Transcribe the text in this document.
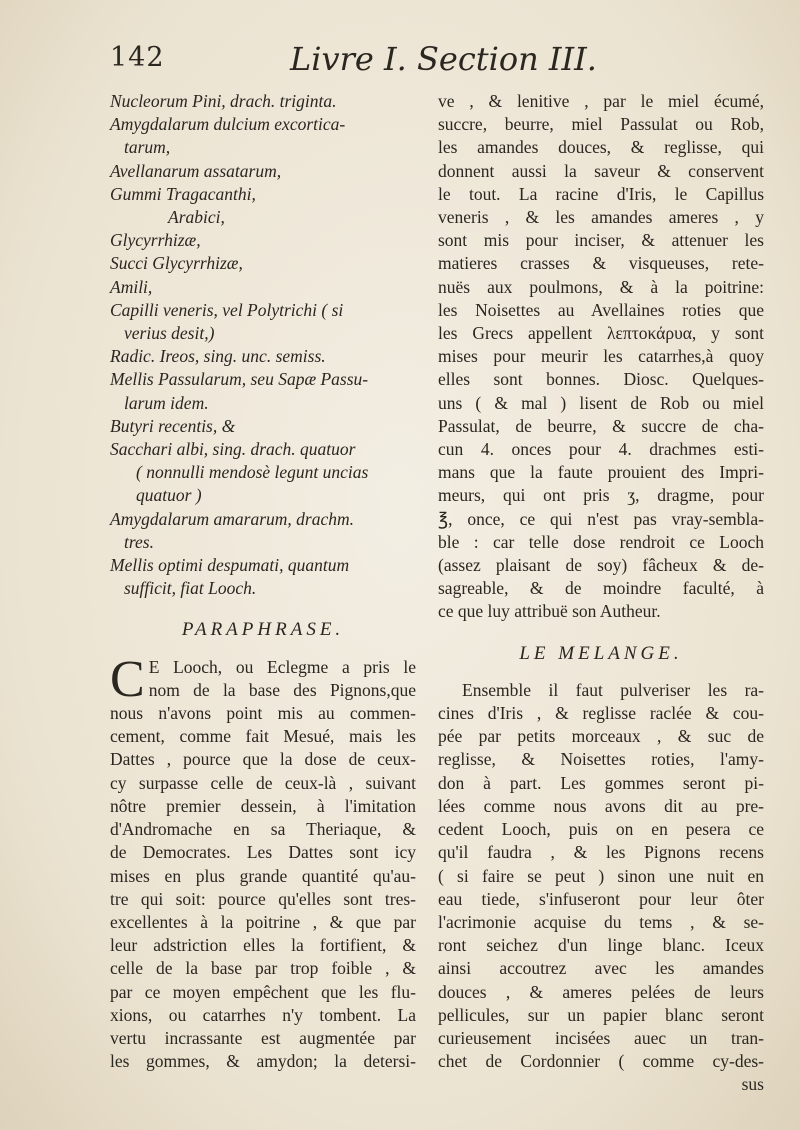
142	Livre I. Section III.
Nucleorum Pini, drach. triginta.
Amygdalarum dulcium excortica-
tarum,
Avellanarum assatarum,
Gummi Tragacanthi,
Arabici,
Glycyrrhizæ,
Succi Glycyrrhizæ,
Amili,
Capilli veneris, vel Polytrichi ( si
verius desit,)
Radic. Ireos, sing. unc. semiss.
Mellis Passularum, seu Sapæ Passu-
larum idem.
Butyri recentis, &
Sacchari albi, sing. drach. quatuor
( nonnulli mendosè legunt uncias
quatuor )
Amygdalarum amararum, drachm.
tres.
Mellis optimi despumati, quantum
sufficit, fiat Looch.
PARAPHRASE.
C E Looch, ou Eclegme a pris le
nom de la base des Pignons,que
nous n'avons point mis au commen-
cement, comme fait Mesué, mais les
Dattes , pource que la dose de ceux-
cy surpasse celle de ceux-là , suivant
nôtre premier dessein, à l'imitation
d'Andromache en sa Theriaque, &
de Democrates. Les Dattes sont icy
mises en plus grande quantité qu'au-
tre qui soit: pource qu'elles sont tres-
excellentes à la poitrine , & que par
leur adstriction elles la fortifient, &
celle de la base par trop foible , &
par ce moyen empêchent que les flu-
xions, ou catarrhes n'y tombent. La
vertu incrassante est augmentée par
les gommes, & amydon; la detersi-
ve , & lenitive , par le miel écumé,
succre, beurre, miel Passulat ou Rob,
les amandes douces, & reglisse, qui
donnent aussi la saveur & conservent
le tout. La racine d'Iris, le Capillus
veneris , & les amandes ameres , y
sont mis pour inciser, & attenuer les
matieres crasses & visqueuses, rete-
nuës aux poulmons, & à la poitrine:
les Noisettes au Avellaines roties que
les Grecs appellent λεπτοκάρυα, y sont
mises pour meurir les catarrhes,à quoy
elles sont bonnes. Diosc. Quelques-
uns ( & mal ) lisent de Rob ou miel
Passulat, de beurre, & succre de cha-
cun 4. onces pour 4. drachmes esti-
mans que la faute prouient des Impri-
meurs, qui ont pris ʒ, dragme, pour
℥, once, ce qui n'est pas vray-sembla-
ble : car telle dose rendroit ce Looch
(assez plaisant de soy) fâcheux & de-
sagreable, & de moindre faculté, à
ce que luy attribuë son Autheur.
LE MELANGE.
Ensemble il faut pulveriser les ra-
cines d'Iris , & reglisse raclée & cou-
pée par petits morceaux , & suc de
reglisse, & Noisettes roties, l'amy-
don à part. Les gommes seront pi-
lées comme nous avons dit au pre-
cedent Looch, puis on en pesera ce
qu'il faudra , & les Pignons recens
( si faire se peut ) sinon une nuit en
eau tiede, s'infuseront pour leur ôter
l'acrimonie acquise du tems , & se-
ront seichez d'un linge blanc. Iceux
ainsi accoutrez avec les amandes
douces , & ameres pelées de leurs
pellicules, sur un papier blanc seront
curieusement incisées auec un tran-
chet de Cordonnier ( comme cy-des-
sus
